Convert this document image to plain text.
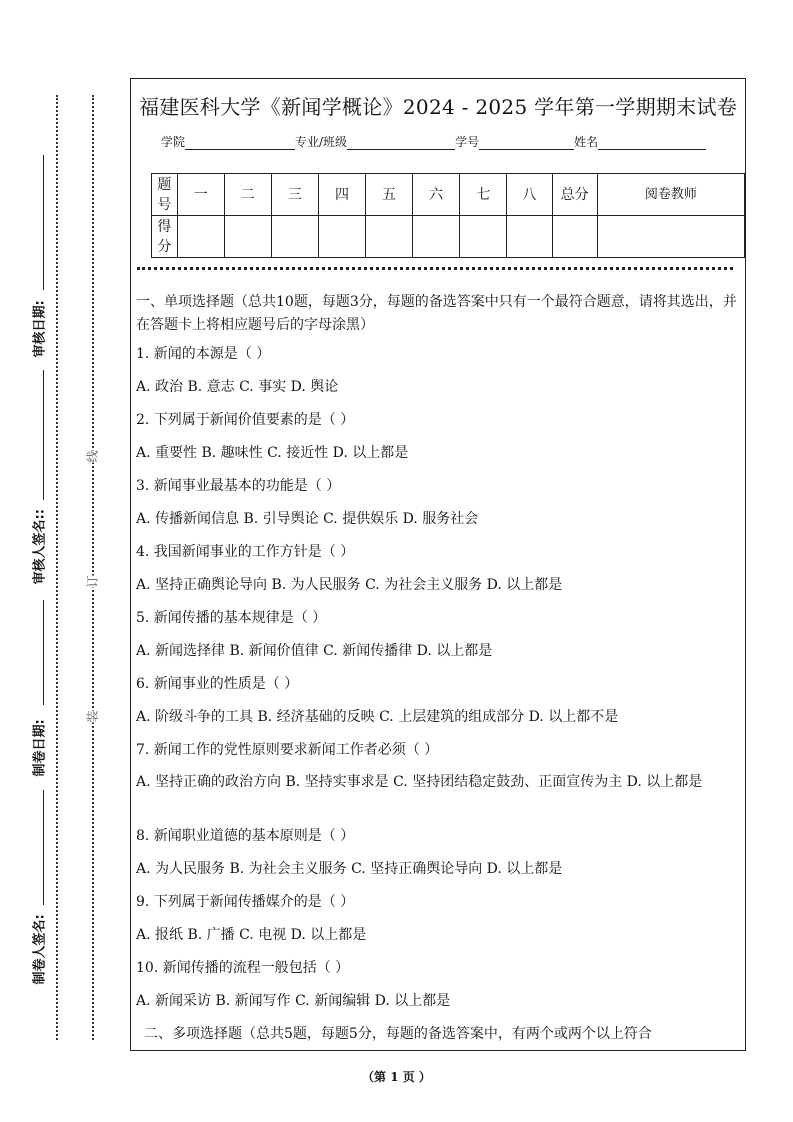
审核日期:
审核人签名::
制卷日期:
制卷人签名:
线
订
装
福建医科大学《新闻学概论》2024 - 2025 学年第一学期期末试卷
学院	专业/班级	学号	姓名
题号	一	二	三	四	五	六	七	八	总分	阅卷教师
得分										
一、单项选择题（总共10题，每题3分，每题的备选答案中只有一个最符合题意，请将其选出，并在答题卡上将相应题号后的字母涂黑）
1. 新闻的本源是（ ）
A. 政治 B. 意志 C. 事实 D. 舆论
2. 下列属于新闻价值要素的是（ ）
A. 重要性 B. 趣味性 C. 接近性 D. 以上都是
3. 新闻事业最基本的功能是（ ）
A. 传播新闻信息 B. 引导舆论 C. 提供娱乐 D. 服务社会
4. 我国新闻事业的工作方针是（ ）
A. 坚持正确舆论导向 B. 为人民服务 C. 为社会主义服务 D. 以上都是
5. 新闻传播的基本规律是（ ）
A. 新闻选择律 B. 新闻价值律 C. 新闻传播律 D. 以上都是
6. 新闻事业的性质是（ ）
A. 阶级斗争的工具 B. 经济基础的反映 C. 上层建筑的组成部分 D. 以上都不是
7. 新闻工作的党性原则要求新闻工作者必须（ ）
A. 坚持正确的政治方向 B. 坚持实事求是 C. 坚持团结稳定鼓劲、正面宣传为主 D. 以上都是
8. 新闻职业道德的基本原则是（ ）
A. 为人民服务 B. 为社会主义服务 C. 坚持正确舆论导向 D. 以上都是
9. 下列属于新闻传播媒介的是（ ）
A. 报纸 B. 广播 C. 电视 D. 以上都是
10. 新闻传播的流程一般包括（ ）
A. 新闻采访 B. 新闻写作 C. 新闻编辑 D. 以上都是
二、多项选择题（总共5题，每题5分，每题的备选答案中，有两个或两个以上符合
（第 1 页 ）
